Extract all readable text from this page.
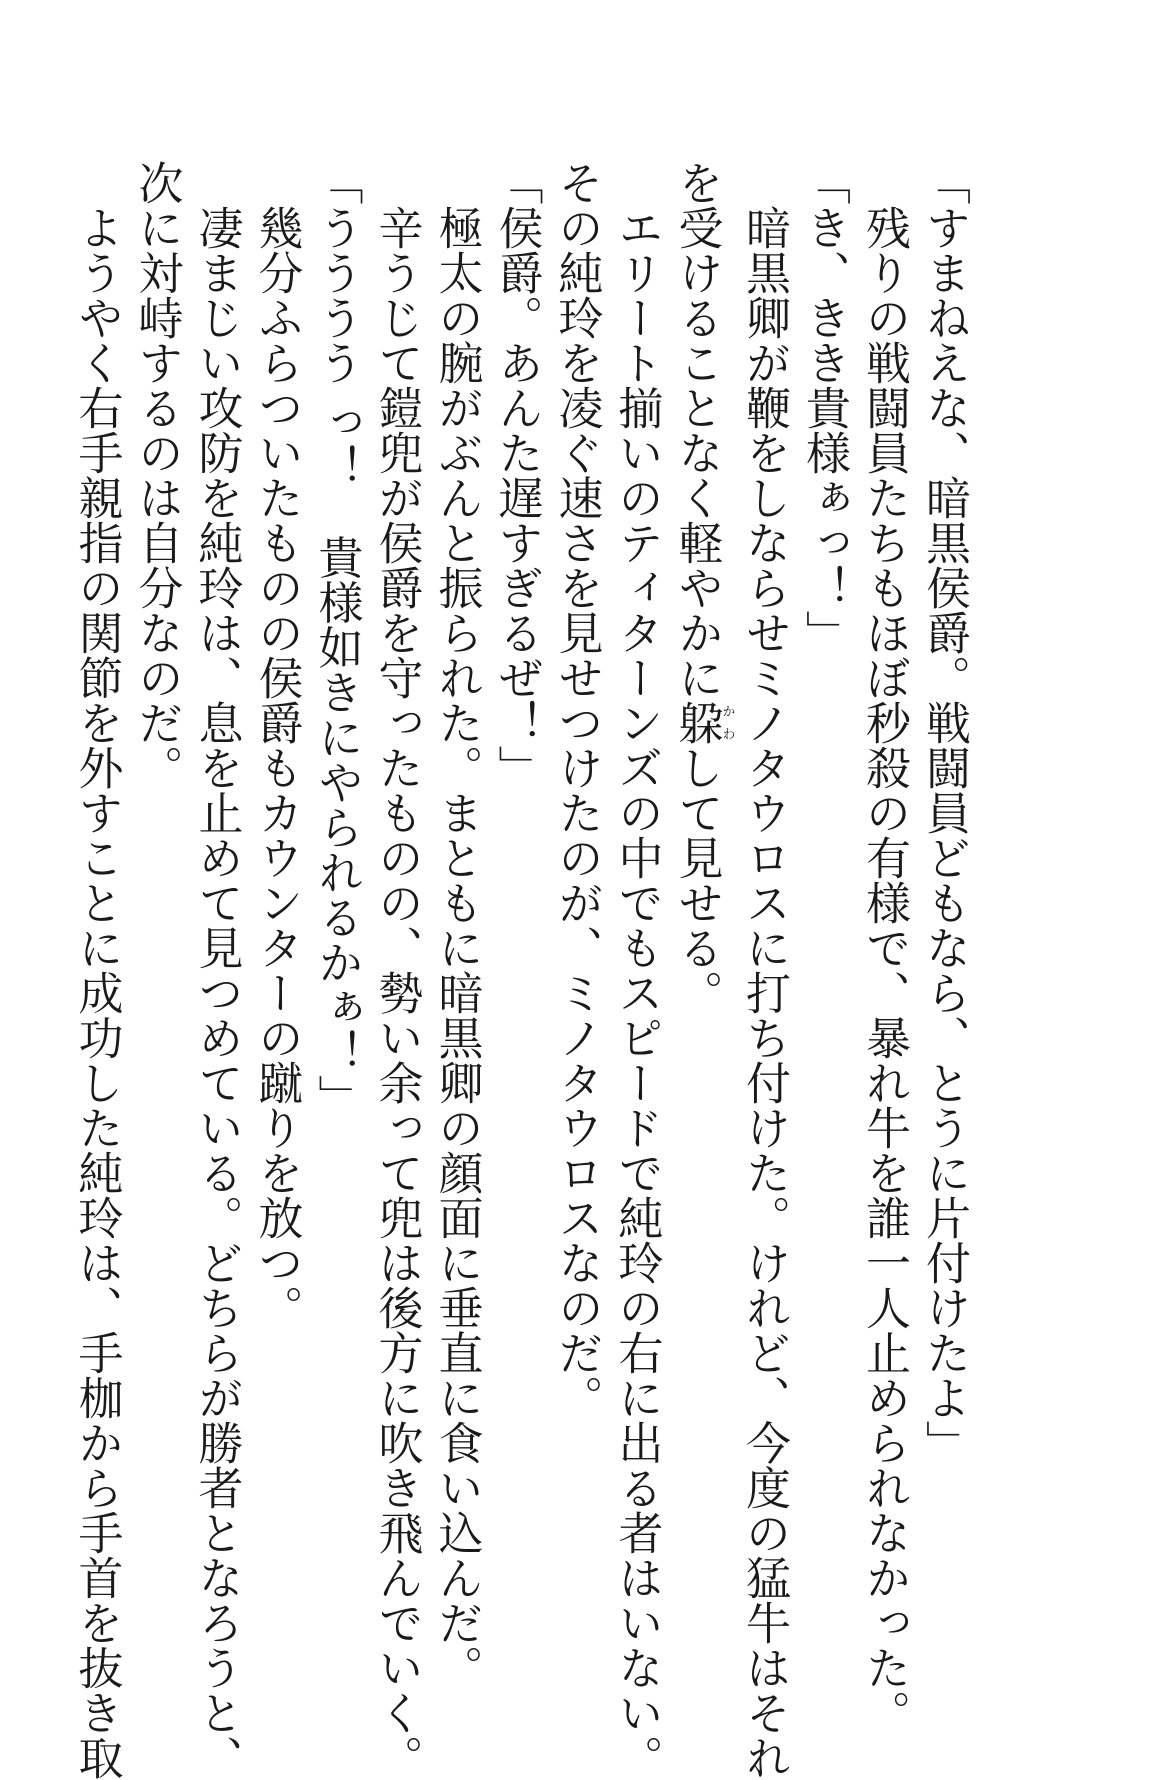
「すまねえな、暗黒侯爵。戦闘員どもなら、とうに片付けたよ」
残りの戦闘員たちもほぼ秒殺の有様で、暴れ牛を誰一人止められなかった。
「き、きき貴様ぁっ！」
暗黒卿が鞭をしならせミノタウロスに打ち付けた。けれど、今度の猛牛はそれ
を受けることなく軽やかに躱かわして見せる。
エリート揃いのティターンズの中でもスピードで純玲の右に出る者はいない。
その純玲を凌ぐ速さを見せつけたのが、ミノタウロスなのだ。
「侯爵。あんた遅すぎるぜ！」
極太の腕がぶんと振られた。まともに暗黒卿の顔面に垂直に食い込んだ。
辛うじて鎧兜が侯爵を守ったものの、勢い余って兜は後方に吹き飛んでいく。
「うううう っ！　貴様如きにやられるかぁ！」
幾分ふらついたものの侯爵もカウンターの蹴りを放つ。
凄まじい攻防を純玲は、息を止めて見つめている。どちらが勝者となろうと、
次に対峙するのは自分なのだ。
ようやく右手親指の関節を外すことに成功した純玲は、手枷から手首を抜き取
